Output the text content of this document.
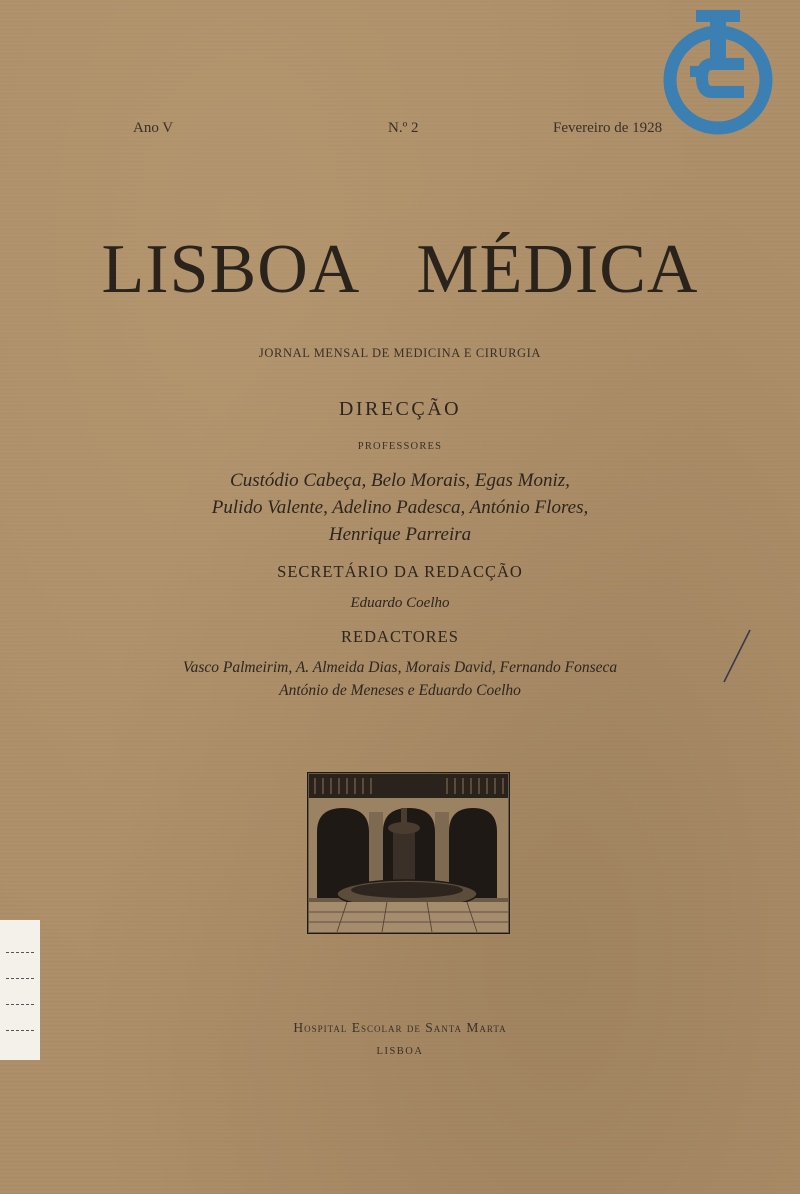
Ano V	N.º 2	Fevereiro de 1928
LISBOA MÉDICA
JORNAL MENSAL DE MEDICINA E CIRURGIA
DIRECÇÃO
PROFESSORES
Custódio Cabeça, Belo Morais, Egas Moniz,
Pulido Valente, Adelino Padesca, António Flores,
Henrique Parreira
SECRETÁRIO DA REDACÇÃO
Eduardo Coelho
REDACTORES
Vasco Palmeirim, A. Almeida Dias, Morais David, Fernando Fonseca
António de Meneses e Eduardo Coelho
Hospital Escolar de Santa Marta
LISBOA
